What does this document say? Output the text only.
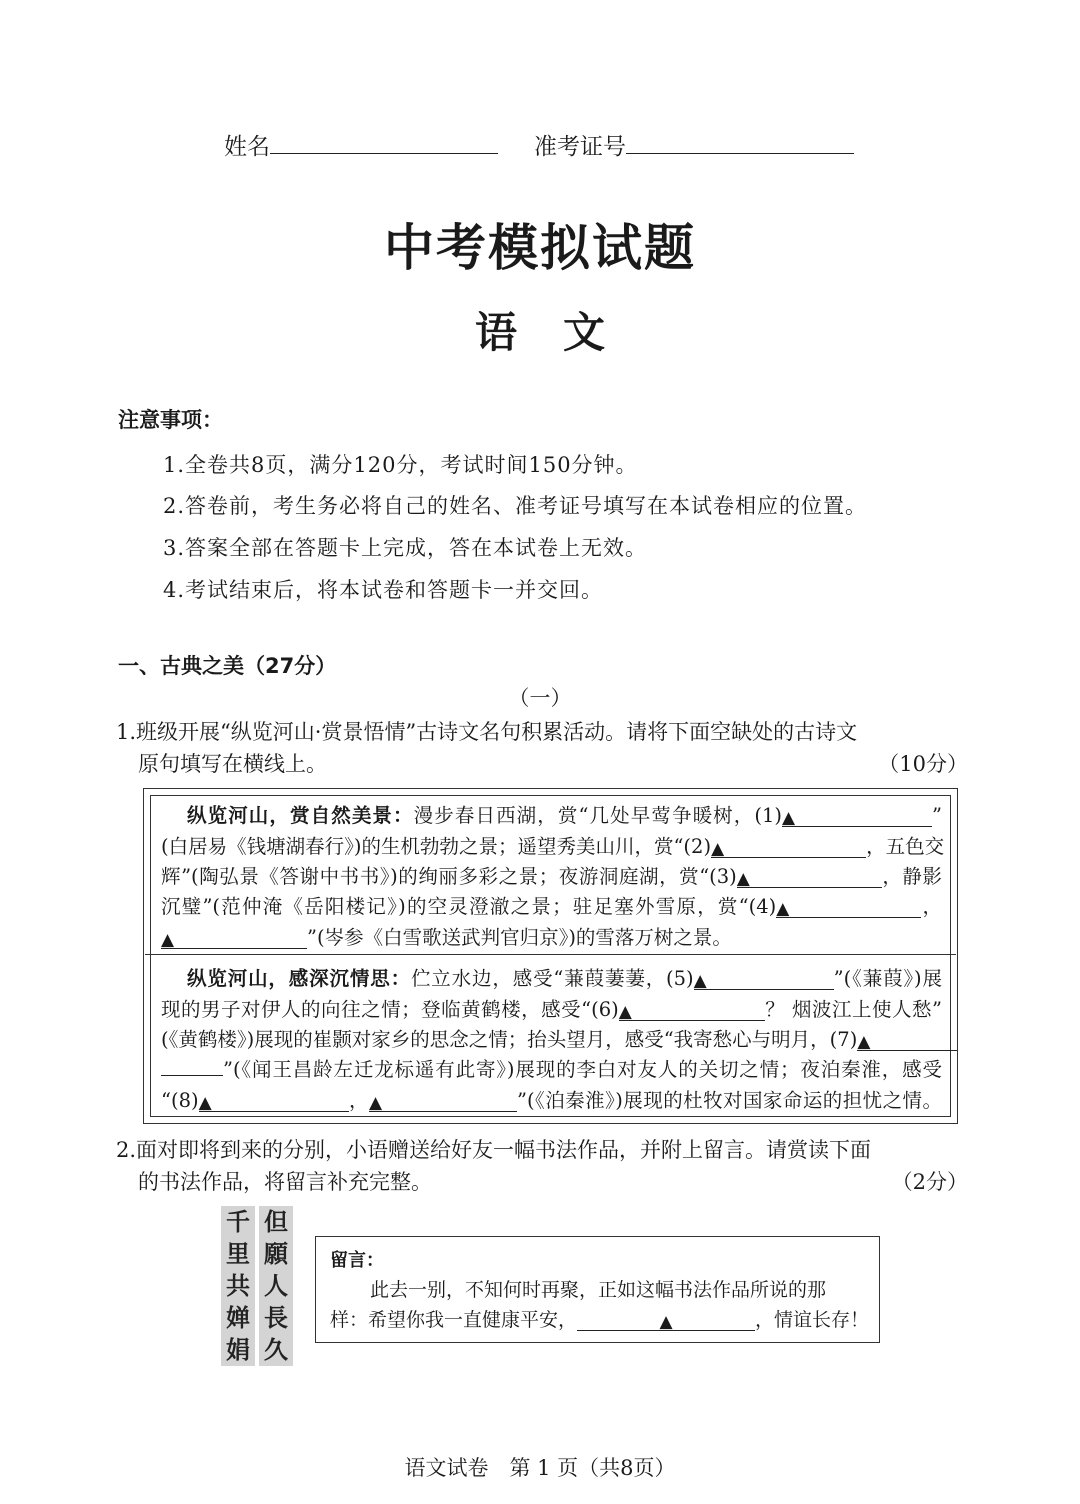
姓名	准考证号
中考模拟试题
语文
注意事项：
1.全卷共8页，满分120分，考试时间150分钟。
2.答卷前，考生务必将自己的姓名、准考证号填写在本试卷相应的位置。
3.答案全部在答题卡上完成，答在本试卷上无效。
4.考试结束后，将本试卷和答题卡一并交回。
一、古典之美（27分）
（一）
1.班级开展“纵览河山·赏景悟情”古诗文名句积累活动。请将下面空缺处的古诗文
原句填写在横线上。	（10分）
纵览河山，赏自然美景：漫步春日西湖，赏“几处早莺争暖树，(1)▲	”
(白居易《钱塘湖春行》)的生机勃勃之景；遥望秀美山川，赏“(2)▲	，五色交
辉”(陶弘景《答谢中书书》)的绚丽多彩之景；夜游洞庭湖，赏“(3)▲	，静影
沉璧”(范仲淹《岳阳楼记》)的空灵澄澈之景；驻足塞外雪原，赏“(4)▲	，
▲	”(岑参《白雪歌送武判官归京》)的雪落万树之景。
纵览河山，感深沉情思：伫立水边，感受“蒹葭萋萋，(5)▲	”(《蒹葭》)展
现的男子对伊人的向往之情；登临黄鹤楼，感受“(6)▲	？ 烟波江上使人愁”
(《黄鹤楼》)展现的崔颢对家乡的思念之情；抬头望月，感受“我寄愁心与明月，(7)▲
”(《闻王昌龄左迁龙标遥有此寄》)展现的李白对友人的关切之情；夜泊秦淮，感受
“(8)▲	，▲	”(《泊秦淮》)展现的杜牧对国家命运的担忧之情。
2.面对即将到来的分别，小语赠送给好友一幅书法作品，并附上留言。请赏读下面
的书法作品，将留言补充完整。	（2分）
千
里
共
婵
娟
但
願
人
長
久
留言：
此去一别，不知何时再聚，正如这幅书法作品所说的那
样：希望你我一直健康平安，	▲	，情谊长存！
语文试卷　第 1 页（共8页）
